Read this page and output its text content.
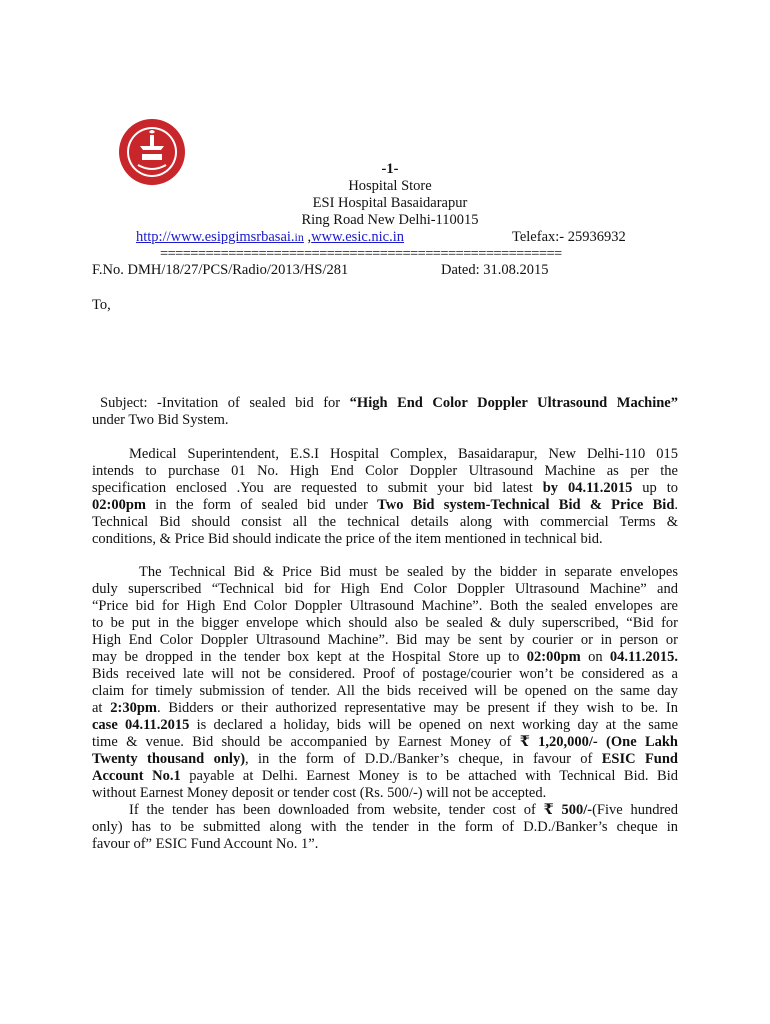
-1-
Hospital Store
ESI Hospital Basaidarapur
Ring Road New Delhi-110015
http://www.esipgimsrbasai.in ,www.esic.nic.in	Telefax:- 25936932
=====================================================
F.No. DMH/18/27/PCS/Radio/2013/HS/281	Dated: 31.08.2015
To,
Subject: -Invitation of sealed bid for “High End Color Doppler Ultrasound Machine”
under Two Bid System.
Medical Superintendent, E.S.I Hospital Complex, Basaidarapur, New Delhi-110 015
intends to purchase 01 No. High End Color Doppler Ultrasound Machine as per the
specification enclosed .You are requested to submit your bid latest by 04.11.2015 up to
02:00pm in the form of sealed bid under Two Bid system-Technical Bid & Price Bid.
Technical Bid should consist all the technical details along with commercial Terms &
conditions, & Price Bid should indicate the price of the item mentioned in technical bid.
The Technical Bid & Price Bid must be sealed by the bidder in separate envelopes
duly superscribed “Technical bid for High End Color Doppler Ultrasound Machine” and
“Price bid for High End Color Doppler Ultrasound Machine”. Both the sealed envelopes are
to be put in the bigger envelope which should also be sealed & duly superscribed, “Bid for
High End Color Doppler Ultrasound Machine”. Bid may be sent by courier or in person or
may be dropped in the tender box kept at the Hospital Store up to 02:00pm on 04.11.2015.
Bids received late will not be considered. Proof of postage/courier won’t be considered as a
claim for timely submission of tender. All the bids received will be opened on the same day
at 2:30pm. Bidders or their authorized representative may be present if they wish to be. In
case 04.11.2015 is declared a holiday, bids will be opened on next working day at the same
time & venue. Bid should be accompanied by Earnest Money of ₹ 1,20,000/- (One Lakh
Twenty thousand only), in the form of D.D./Banker’s cheque, in favour of ESIC Fund
Account No.1 payable at Delhi. Earnest Money is to be attached with Technical Bid. Bid
without Earnest Money deposit or tender cost (Rs. 500/-) will not be accepted.
If the tender has been downloaded from website, tender cost of ₹ 500/-(Five hundred
only) has to be submitted along with the tender in the form of D.D./Banker’s cheque in
favour of” ESIC Fund Account No. 1”.
